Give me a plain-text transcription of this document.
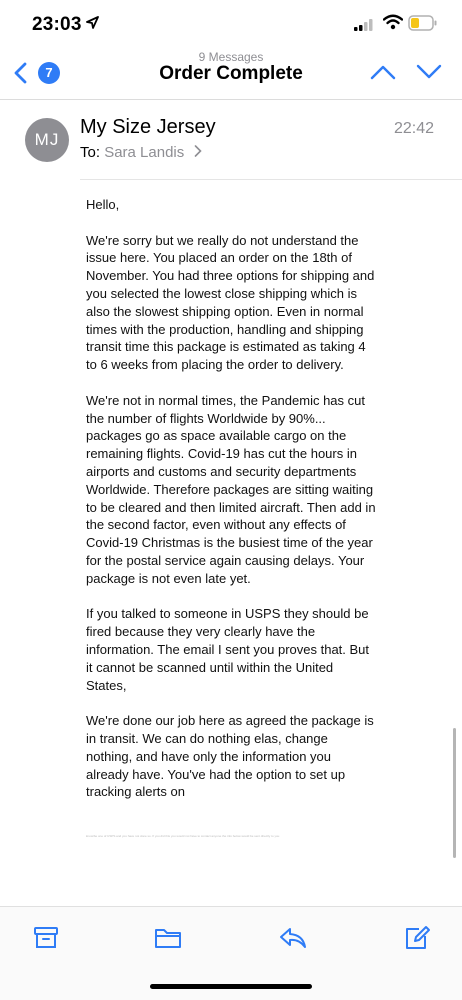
23:03
7
9 Messages
Order Complete
MJ
My Size Jersey
To: Sara Landis
22:42

Hello,

We're sorry but we really do not understand the issue here. You placed an order on the 18th of November. You had three options for shipping and you selected the lowest close shipping which is also the slowest shipping option. Even in normal times with the production, handling and shipping transit time this package is estimated as taking 4 to 6 weeks from placing the order to delivery.

We're not in normal times, the Pandemic has cut the number of flights Worldwide by 90%... packages go as space available cargo on the remaining flights. Covid-19 has cut the hours in airports and customs and security departments Worldwide. Therefore packages are sitting waiting to be cleared and then limited aircraft. Then add in the second factor, even without any effects of Covid-19 Christmas is the busiest time of the year for the postal service again causing delays. Your package is not even late yet.

If you talked to someone in USPS they should be fired because they very clearly have the information. The email I sent you proves that. But it cannot be scanned until within the United States,

We're done our job here as agreed the package is in transit. We can do nothing elas, change nothing, and have only the information you already have. You've had the option to set up tracking alerts on

know/be one of USPS and you have not done so. If you did this you would not have to contact anyone the info below would be sent directly to you
